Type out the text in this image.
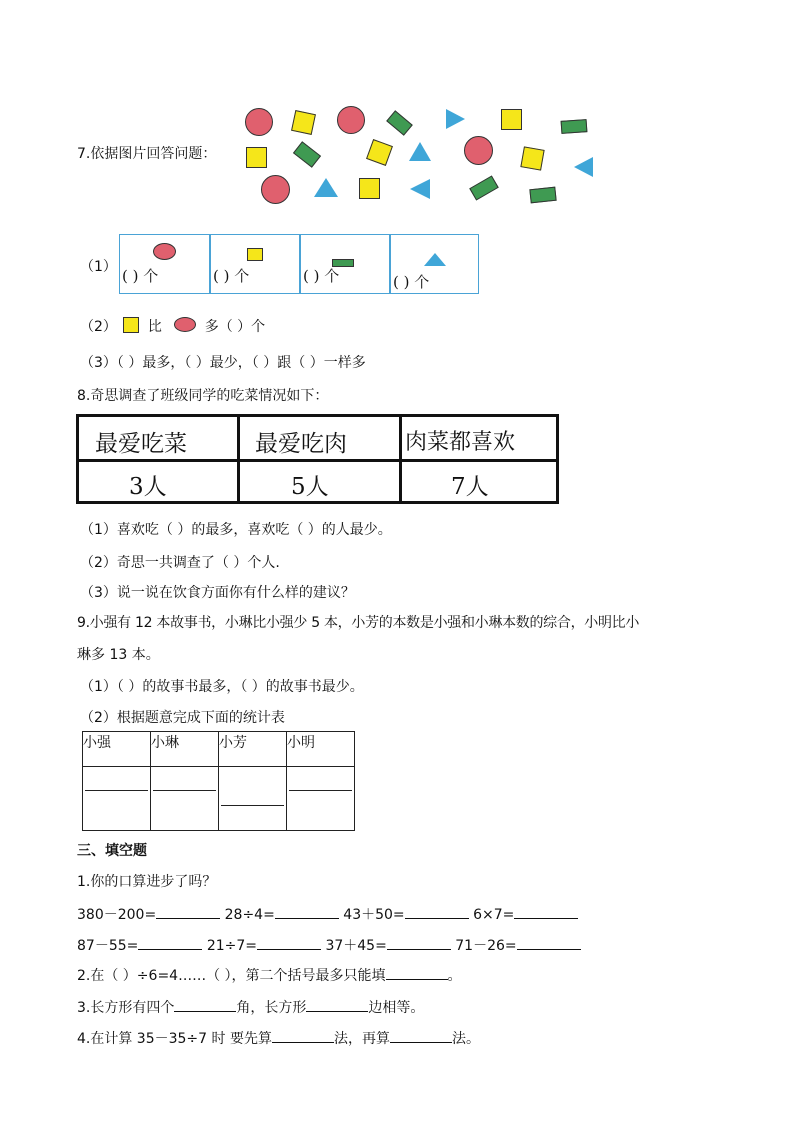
7.依据图片回答问题：
（1） ( ) 个	( ) 个	( ) 个	( ) 个
（2） 比	多（ ）个
（3）（ ）最多，（ ）最少，（ ）跟（ ）一样多
8.奇思调查了班级同学的吃菜情况如下：
最爱吃菜	最爱吃肉	肉菜都喜欢
3人	5人	7人
（1）喜欢吃（ ）的最多，喜欢吃（ ）的人最少。
（2）奇思一共调查了（ ）个人.
（3）说一说在饮食方面你有什么样的建议？
9.小强有 12 本故事书，小琳比小强少 5 本，小芳的本数是小强和小琳本数的综合，小明比小
琳多 13 本。
（1）（ ）的故事书最多，（ ）的故事书最少。
（2）根据题意完成下面的统计表
小强	小琳	小芳	小明

三、填空题
1.你的口算进步了吗？
380－200=	28÷4=	43＋50=	6×7=
87－55=	21÷7=	37＋45=	71－26=
2.在（ ）÷6=4……（ ），第二个括号最多只能填	。
3.长方形有四个	角，长方形	边相等。
4.在计算 35－35÷7 时 要先算	法，再算	法。
